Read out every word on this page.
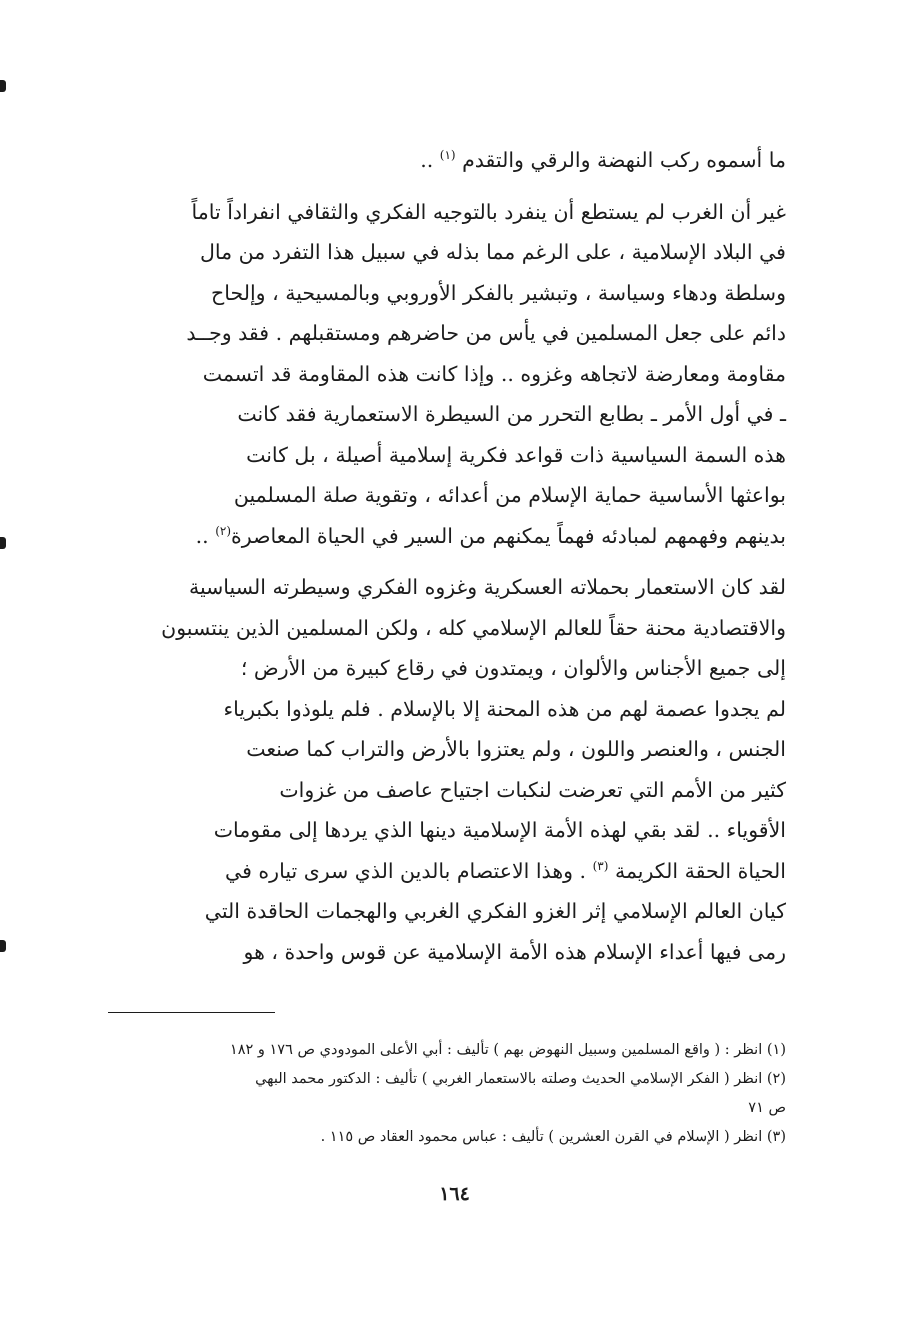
ما أسموه ركب النهضة والرقي والتقدم $^{(١)}$ ..

غير أن الغرب لم يستطع أن ينفرد بالتوجيه الفكري والثقافي انفراداً تاماً
في البلاد الإسلامية ، على الرغم مما بذله في سبيل هذا التفرد من مال
وسلطة ودهاء وسياسة ، وتبشير بالفكر الأوروبي وبالمسيحية ، وإلحاح
دائم على جعل المسلمين في يأس من حاضرهم ومستقبلهم . فقد وجــد
مقاومة ومعارضة لاتجاهه وغزوه .. وإذا كانت هذه المقاومة قد اتسمت
ـ في أول الأمر ـ بطابع التحرر من السيطرة الاستعمارية فقد كانت
هذه السمة السياسية ذات قواعد فكرية إسلامية أصيلة ، بل كانت
بواعثها الأساسية حماية الإسلام من أعدائه ، وتقوية صلة المسلمين
بدينهم وفهمهم لمبادئه فهماً يمكنهم من السير في الحياة المعاصرة$^{(٢)}$ ..

لقد كان الاستعمار بحملاته العسكرية وغزوه الفكري وسيطرته السياسية
والاقتصادية محنة حقاً للعالم الإسلامي كله ، ولكن المسلمين الذين ينتسبون
إلى جميع الأجناس والألوان ، ويمتدون في رقاع كبيرة من الأرض ؛
لم يجدوا عصمة لهم من هذه المحنة إلا بالإسلام . فلم يلوذوا بكبرياء
الجنس ، والعنصر واللون ، ولم يعتزوا بالأرض والتراب كما صنعت
كثير من الأمم التي تعرضت لنكبات اجتياح عاصف من غزوات
الأقوياء .. لقد بقي لهذه الأمة الإسلامية دينها الذي يردها إلى مقومات
الحياة الحقة الكريمة $^{(٣)}$ . وهذا الاعتصام بالدين الذي سرى تياره في
كيان العالم الإسلامي إثر الغزو الفكري الغربي والهجمات الحاقدة التي
رمى فيها أعداء الإسلام هذه الأمة الإسلامية عن قوس واحدة ، هو

(١) انظر : ( واقع المسلمين وسبيل النهوض بهم ) تأليف : أبي الأعلى المودودي ص ١٧٦ و ١٨٢
(٢) انظر ( الفكر الإسلامي الحديث وصلته بالاستعمار الغربي ) تأليف : الدكتور محمد البهي
ص ٧١
(٣) انظر ( الإسلام في القرن العشرين ) تأليف : عباس محمود العقاد ص ١١٥ .
١٦٤
